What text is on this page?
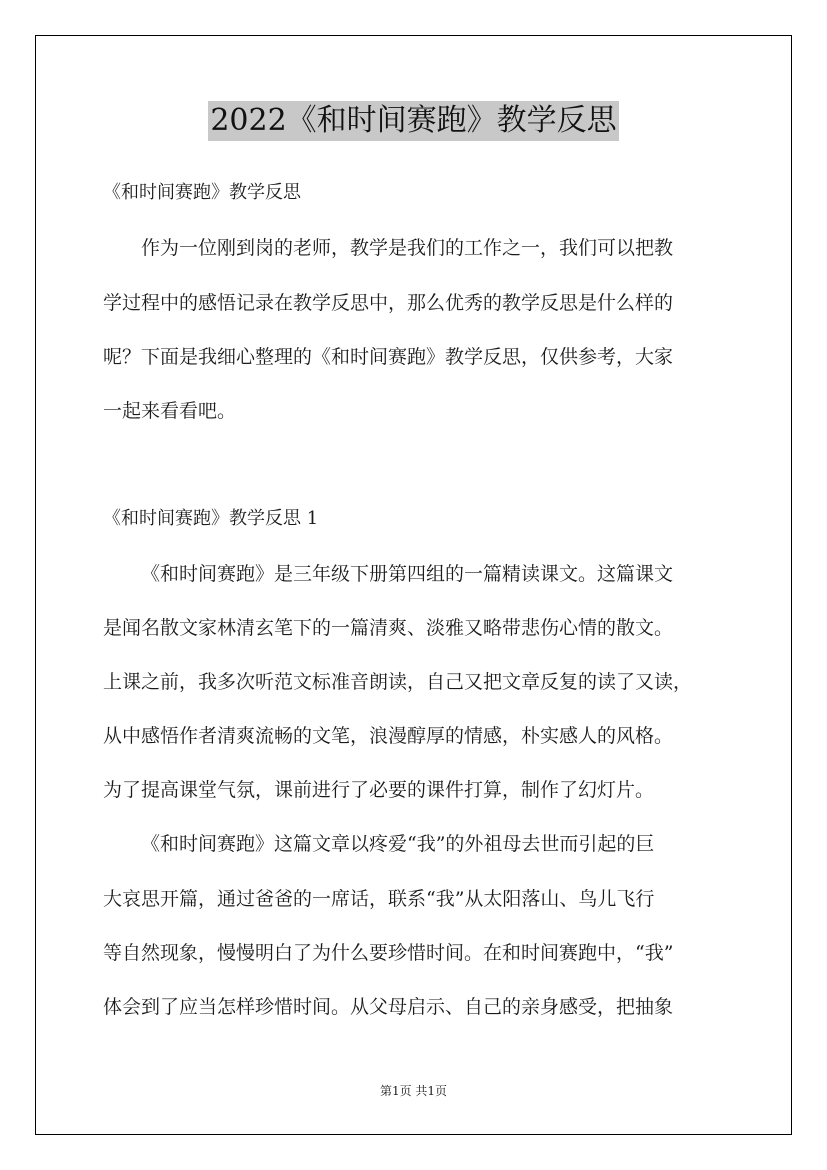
2022《和时间赛跑》教学反思
《和时间赛跑》教学反思
作为一位刚到岗的老师，教学是我们的工作之一，我们可以把教
学过程中的感悟记录在教学反思中，那么优秀的教学反思是什么样的
呢？下面是我细心整理的《和时间赛跑》教学反思，仅供参考，大家
一起来看看吧。
《和时间赛跑》教学反思 1
《和时间赛跑》是三年级下册第四组的一篇精读课文。这篇课文
是闻名散文家林清玄笔下的一篇清爽、淡雅又略带悲伤心情的散文。
上课之前，我多次听范文标准音朗读，自己又把文章反复的读了又读，
从中感悟作者清爽流畅的文笔，浪漫醇厚的情感，朴实感人的风格。
为了提高课堂气氛，课前进行了必要的课件打算，制作了幻灯片。
《和时间赛跑》这篇文章以疼爱“我”的外祖母去世而引起的巨
大哀思开篇，通过爸爸的一席话，联系“我”从太阳落山、鸟儿飞行
等自然现象，慢慢明白了为什么要珍惜时间。在和时间赛跑中，“我”
体会到了应当怎样珍惜时间。从父母启示、自己的亲身感受，把抽象
第1页 共1页
